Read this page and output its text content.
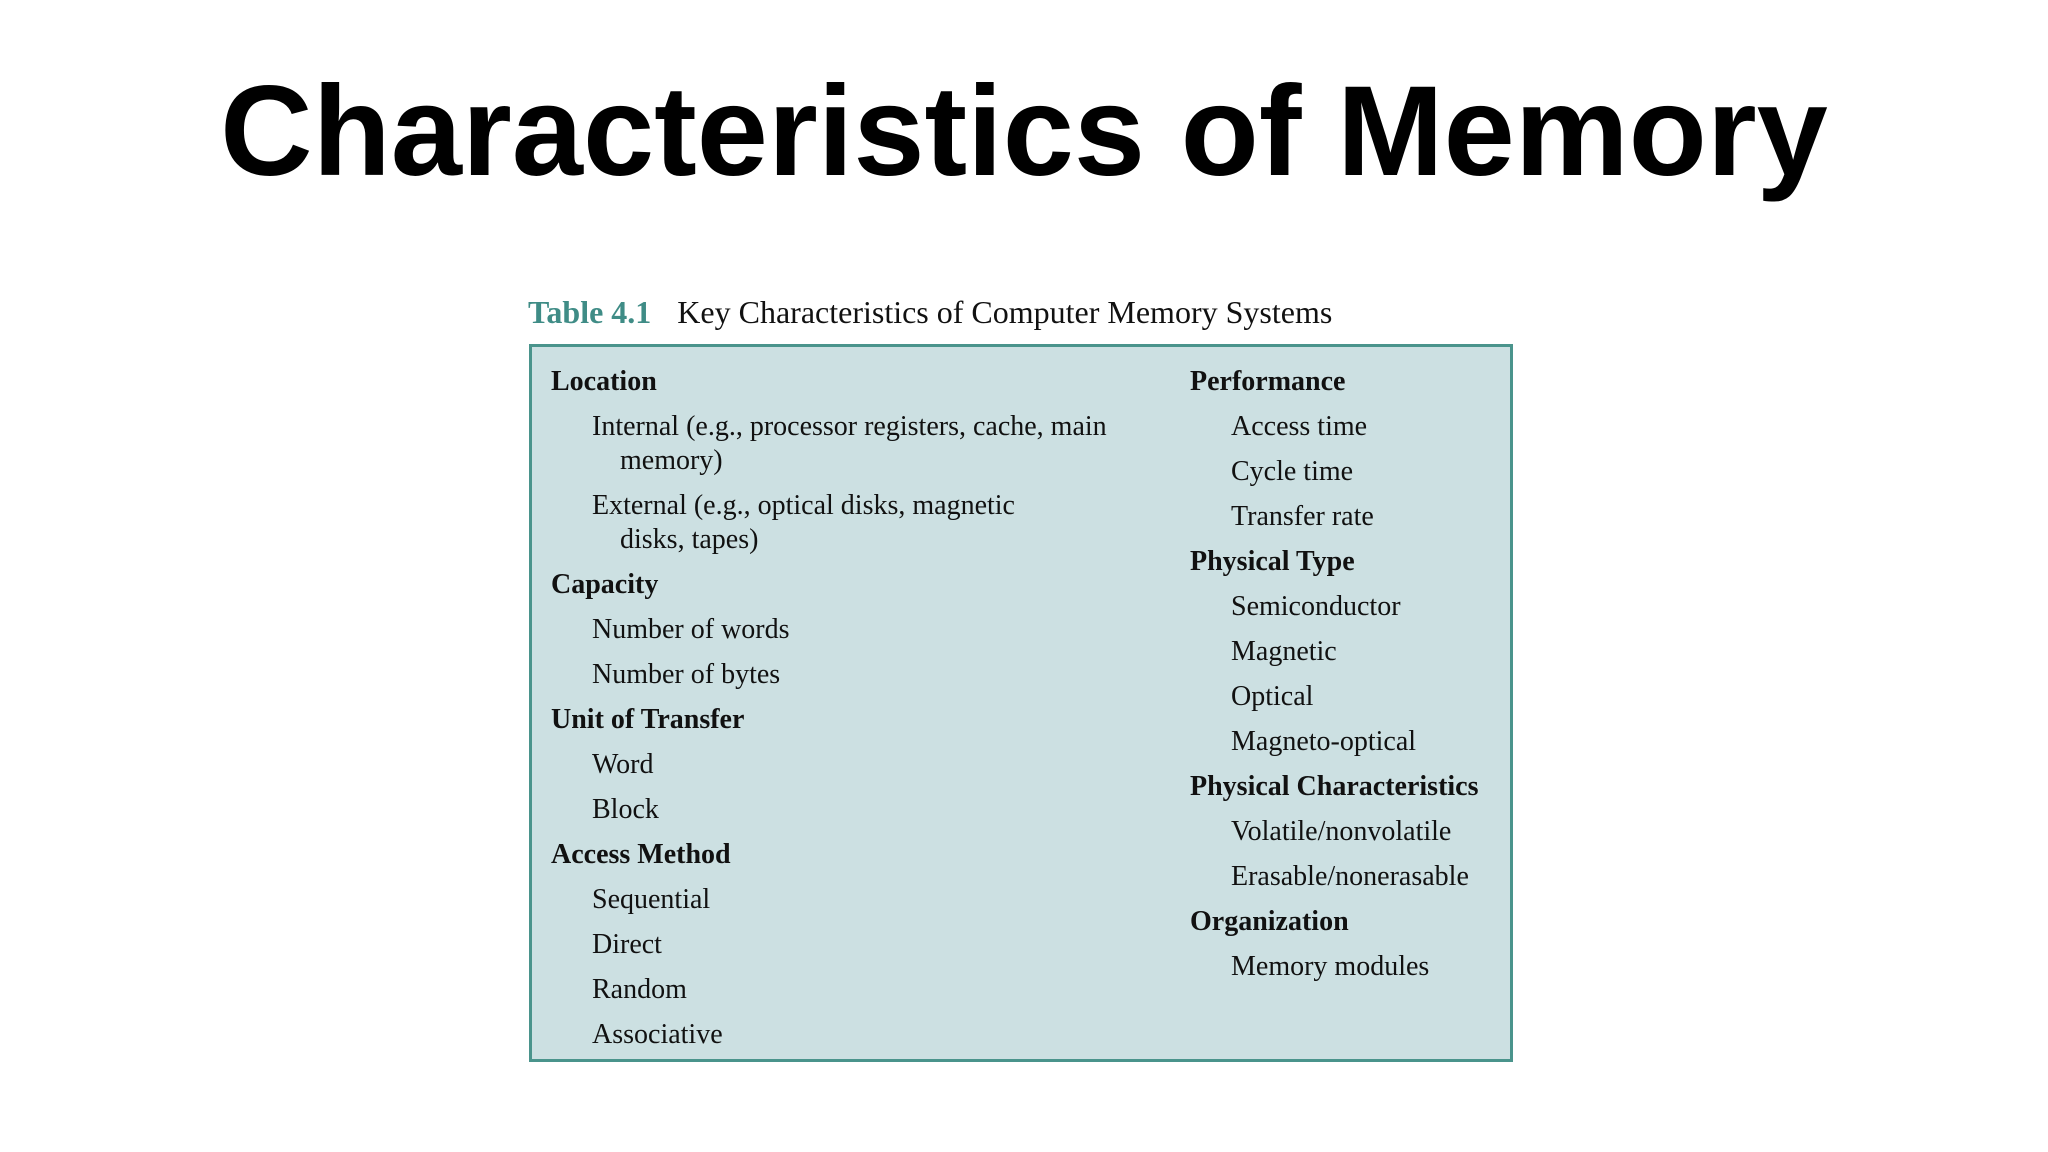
Characteristics of Memory
Table 4.1 Key Characteristics of Computer Memory Systems
Location
Internal (e.g., processor registers, cache, main
memory)
External (e.g., optical disks, magnetic
disks, tapes)
Capacity
Number of words
Number of bytes
Unit of Transfer
Word
Block
Access Method
Sequential
Direct
Random
Associative
Performance
Access time
Cycle time
Transfer rate
Physical Type
Semiconductor
Magnetic
Optical
Magneto-optical
Physical Characteristics
Volatile/nonvolatile
Erasable/nonerasable
Organization
Memory modules
